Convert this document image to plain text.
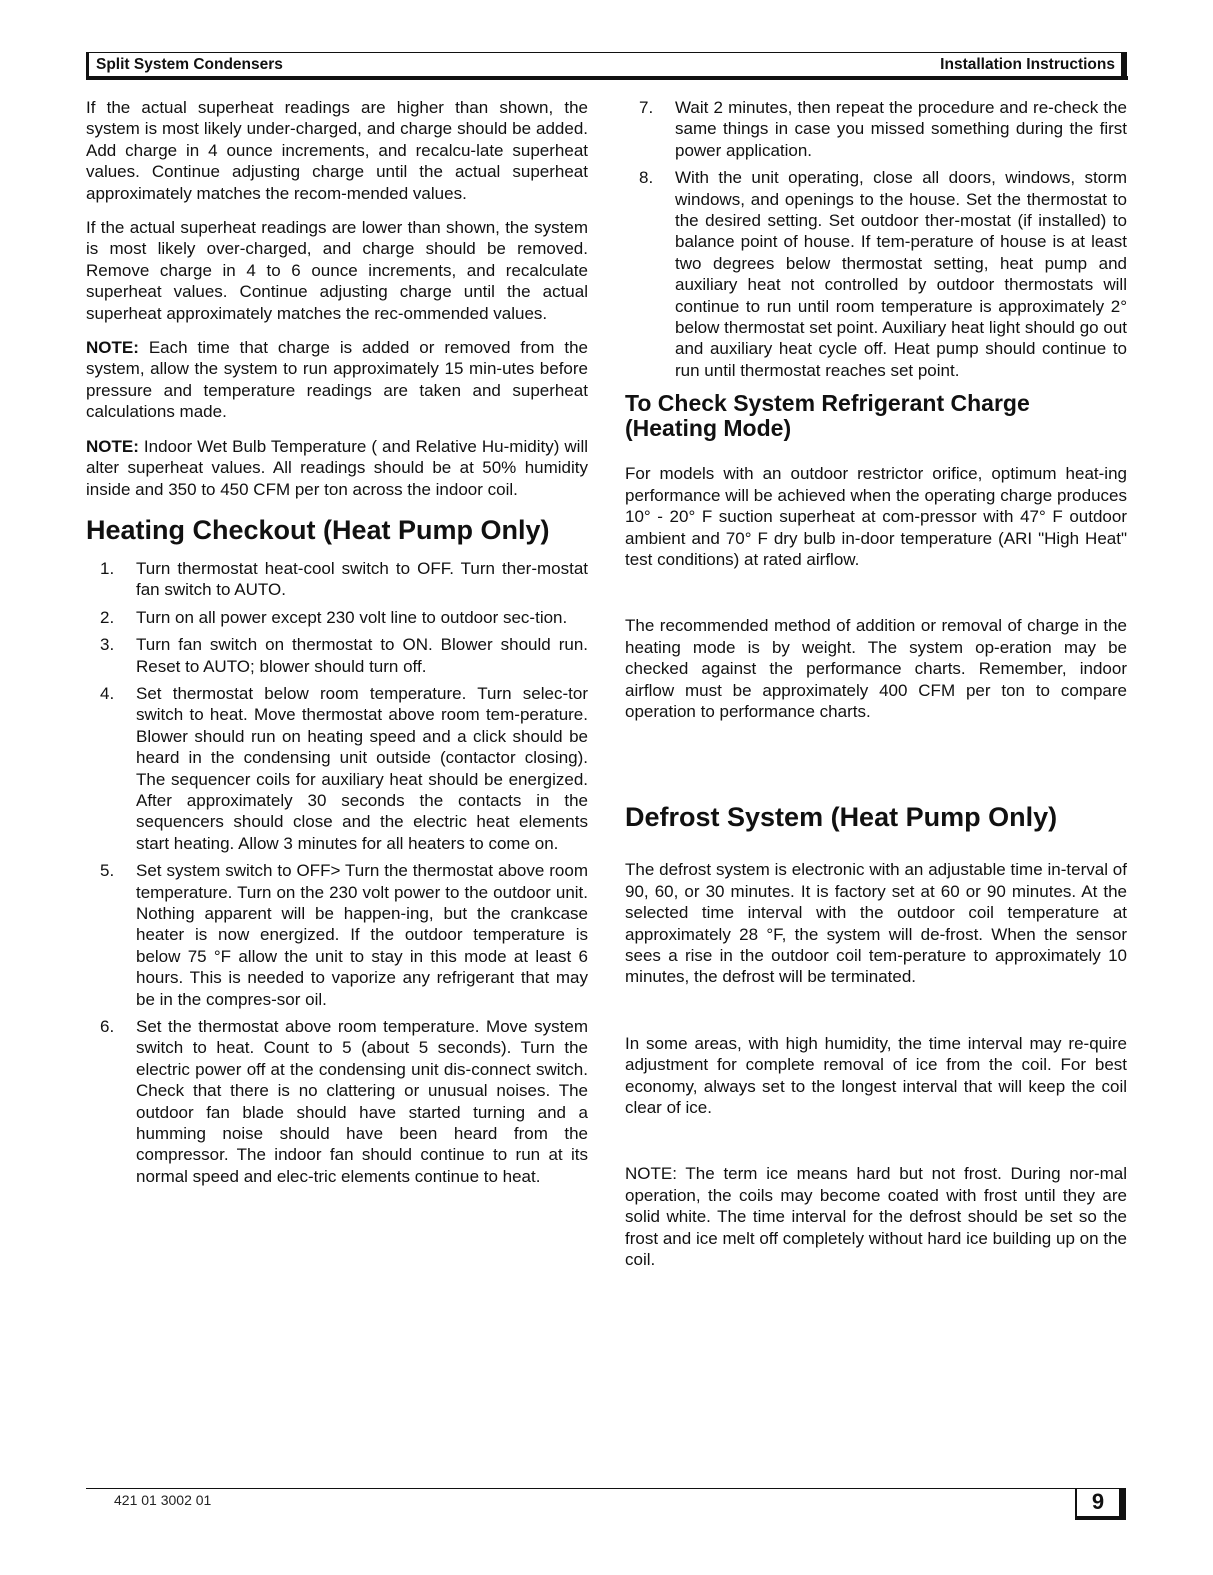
Split System Condensers	Installation Instructions

If the actual superheat readings are higher than shown, the system is most likely under-charged, and charge should be added. Add charge in 4 ounce increments, and recalcu-late superheat values. Continue adjusting charge until the actual superheat approximately matches the recom-mended values.

If the actual superheat readings are lower than shown, the system is most likely over-charged, and charge should be removed. Remove charge in 4 to 6 ounce increments, and recalculate superheat values. Continue adjusting charge until the actual superheat approximately matches the rec-ommended values.

NOTE: Each time that charge is added or removed from the system, allow the system to run approximately 15 min-utes before pressure and temperature readings are taken and superheat calculations made.

NOTE: Indoor Wet Bulb Temperature ( and Relative Hu-midity) will alter superheat values. All readings should be at 50% humidity inside and 350 to 450 CFM per ton across the indoor coil.

Heating Checkout (Heat Pump Only)
1.	Turn thermostat heat-cool switch to OFF. Turn ther-mostat fan switch to AUTO.
2.	Turn on all power except 230 volt line to outdoor sec-tion.
3.	Turn fan switch on thermostat to ON. Blower should run. Reset to AUTO; blower should turn off.
4.	Set thermostat below room temperature. Turn selec-tor switch to heat. Move thermostat above room tem-perature. Blower should run on heating speed and a click should be heard in the condensing unit outside (contactor closing). The sequencer coils for auxiliary heat should be energized. After approximately 30 seconds the contacts in the sequencers should close and the electric heat elements start heating. Allow 3 minutes for all heaters to come on.
5.	Set system switch to OFF> Turn the thermostat above room temperature. Turn on the 230 volt power to the outdoor unit. Nothing apparent will be happen-ing, but the crankcase heater is now energized. If the outdoor temperature is below 75 °F allow the unit to stay in this mode at least 6 hours. This is needed to vaporize any refrigerant that may be in the compres-sor oil.
6.	Set the thermostat above room temperature. Move system switch to heat. Count to 5 (about 5 seconds). Turn the electric power off at the condensing unit dis-connect switch. Check that there is no clattering or unusual noises. The outdoor fan blade should have started turning and a humming noise should have been heard from the compressor. The indoor fan should continue to run at its normal speed and elec-tric elements continue to heat.
7.	Wait 2 minutes, then repeat the procedure and re-check the same things in case you missed something during the first power application.
8.	With the unit operating, close all doors, windows, storm windows, and openings to the house. Set the thermostat to the desired setting. Set outdoor ther-mostat (if installed) to balance point of house. If tem-perature of house is at least two degrees below thermostat setting, heat pump and auxiliary heat not controlled by outdoor thermostats will continue to run until room temperature is approximately 2° below thermostat set point. Auxiliary heat light should go out and auxiliary heat cycle off. Heat pump should continue to run until thermostat reaches set point.
To Check System Refrigerant Charge (Heating Mode)

For models with an outdoor restrictor orifice, optimum heat-ing performance will be achieved when the operating charge produces 10° - 20° F suction superheat at com-pressor with 47° F outdoor ambient and 70° F dry bulb in-door temperature (ARI "High Heat" test conditions) at rated airflow.

The recommended method of addition or removal of charge in the heating mode is by weight. The system op-eration may be checked against the performance charts. Remember, indoor airflow must be approximately 400 CFM per ton to compare operation to performance charts.

Defrost System (Heat Pump Only)

The defrost system is electronic with an adjustable time in-terval of 90, 60, or 30 minutes. It is factory set at 60 or 90 minutes. At the selected time interval with the outdoor coil temperature at approximately 28 °F, the system will de-frost. When the sensor sees a rise in the outdoor coil tem-perature to approximately 10 minutes, the defrost will be terminated.

In some areas, with high humidity, the time interval may re-quire adjustment for complete removal of ice from the coil. For best economy, always set to the longest interval that will keep the coil clear of ice.

NOTE: The term ice means hard but not frost. During nor-mal operation, the coils may become coated with frost until they are solid white. The time interval for the defrost should be set so the frost and ice melt off completely without hard ice building up on the coil.

421 01 3002 01	9
